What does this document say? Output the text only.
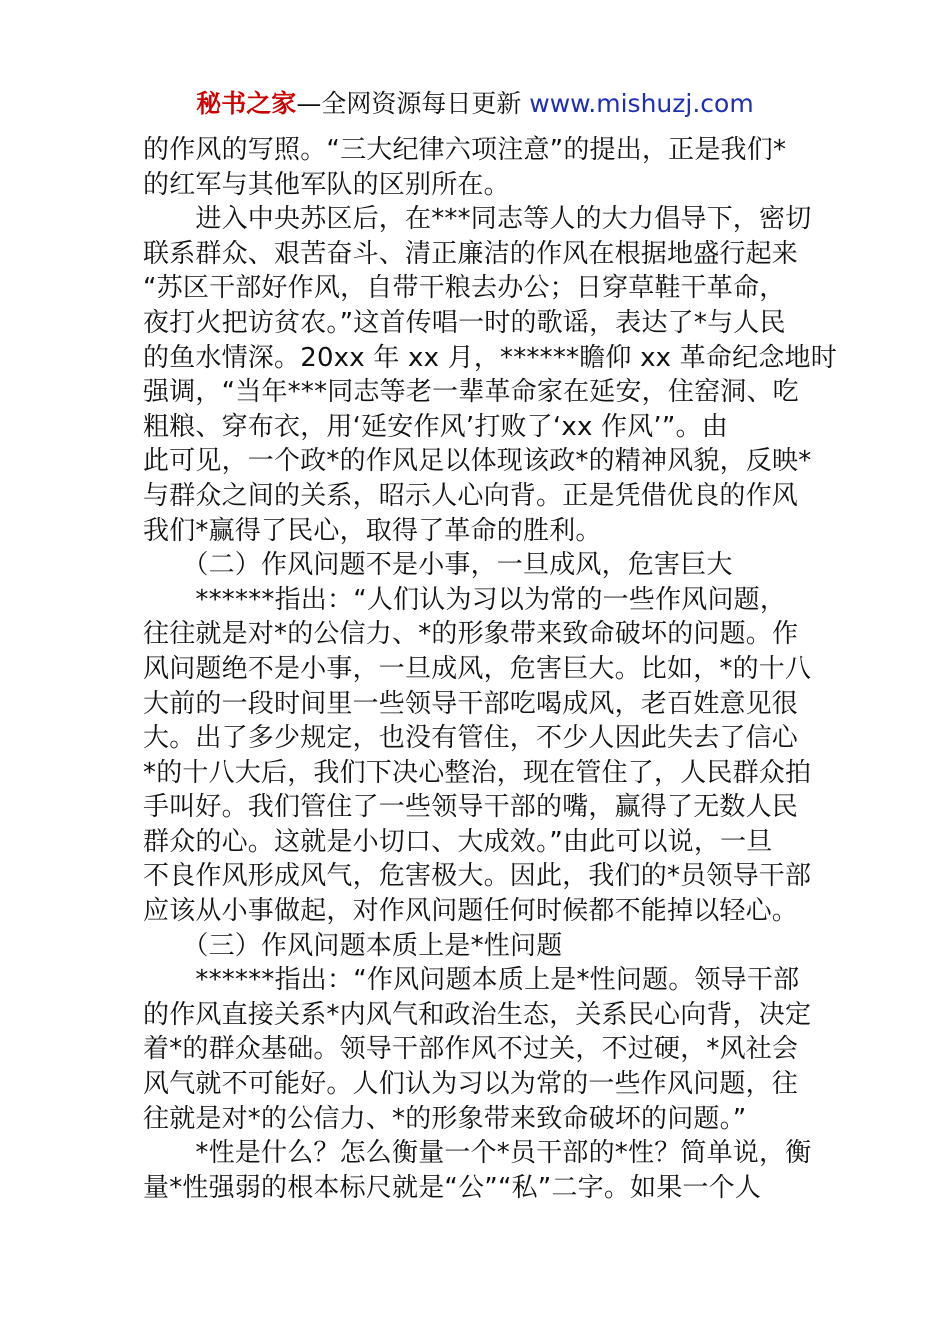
秘书之家—全网资源每日更新 www.mishuzj.com
的作风的写照。“三大纪律六项注意”的提出，正是我们*
的红军与其他军队的区别所在。
　　进入中央苏区后，在***同志等人的大力倡导下，密切
联系群众、艰苦奋斗、清正廉洁的作风在根据地盛行起来
“苏区干部好作风，自带干粮去办公；日穿草鞋干革命，
夜打火把访贫农。”这首传唱一时的歌谣，表达了*与人民
的鱼水情深。20xx 年 xx 月，******瞻仰 xx 革命纪念地时
强调，“当年***同志等老一辈革命家在延安，住窑洞、吃
粗粮、穿布衣，用‘延安作风’打败了‘xx 作风’”。由
此可见，一个政*的作风足以体现该政*的精神风貌，反映*
与群众之间的关系，昭示人心向背。正是凭借优良的作风
我们*赢得了民心，取得了革命的胜利。
　　（二）作风问题不是小事，一旦成风，危害巨大
　　******指出：“人们认为习以为常的一些作风问题，
往往就是对*的公信力、*的形象带来致命破坏的问题。作
风问题绝不是小事，一旦成风，危害巨大。比如，*的十八
大前的一段时间里一些领导干部吃喝成风，老百姓意见很
大。出了多少规定，也没有管住，不少人因此失去了信心
*的十八大后，我们下决心整治，现在管住了，人民群众拍
手叫好。我们管住了一些领导干部的嘴，赢得了无数人民
群众的心。这就是小切口、大成效。”由此可以说，一旦
不良作风形成风气，危害极大。因此，我们的*员领导干部
应该从小事做起，对作风问题任何时候都不能掉以轻心。
　　（三）作风问题本质上是*性问题
　　******指出：“作风问题本质上是*性问题。领导干部
的作风直接关系*内风气和政治生态，关系民心向背，决定
着*的群众基础。领导干部作风不过关，不过硬，*风社会
风气就不可能好。人们认为习以为常的一些作风问题，往
往就是对*的公信力、*的形象带来致命破坏的问题。”
　　*性是什么？怎么衡量一个*员干部的*性？简单说，衡
量*性强弱的根本标尺就是“公”“私”二字。如果一个人
